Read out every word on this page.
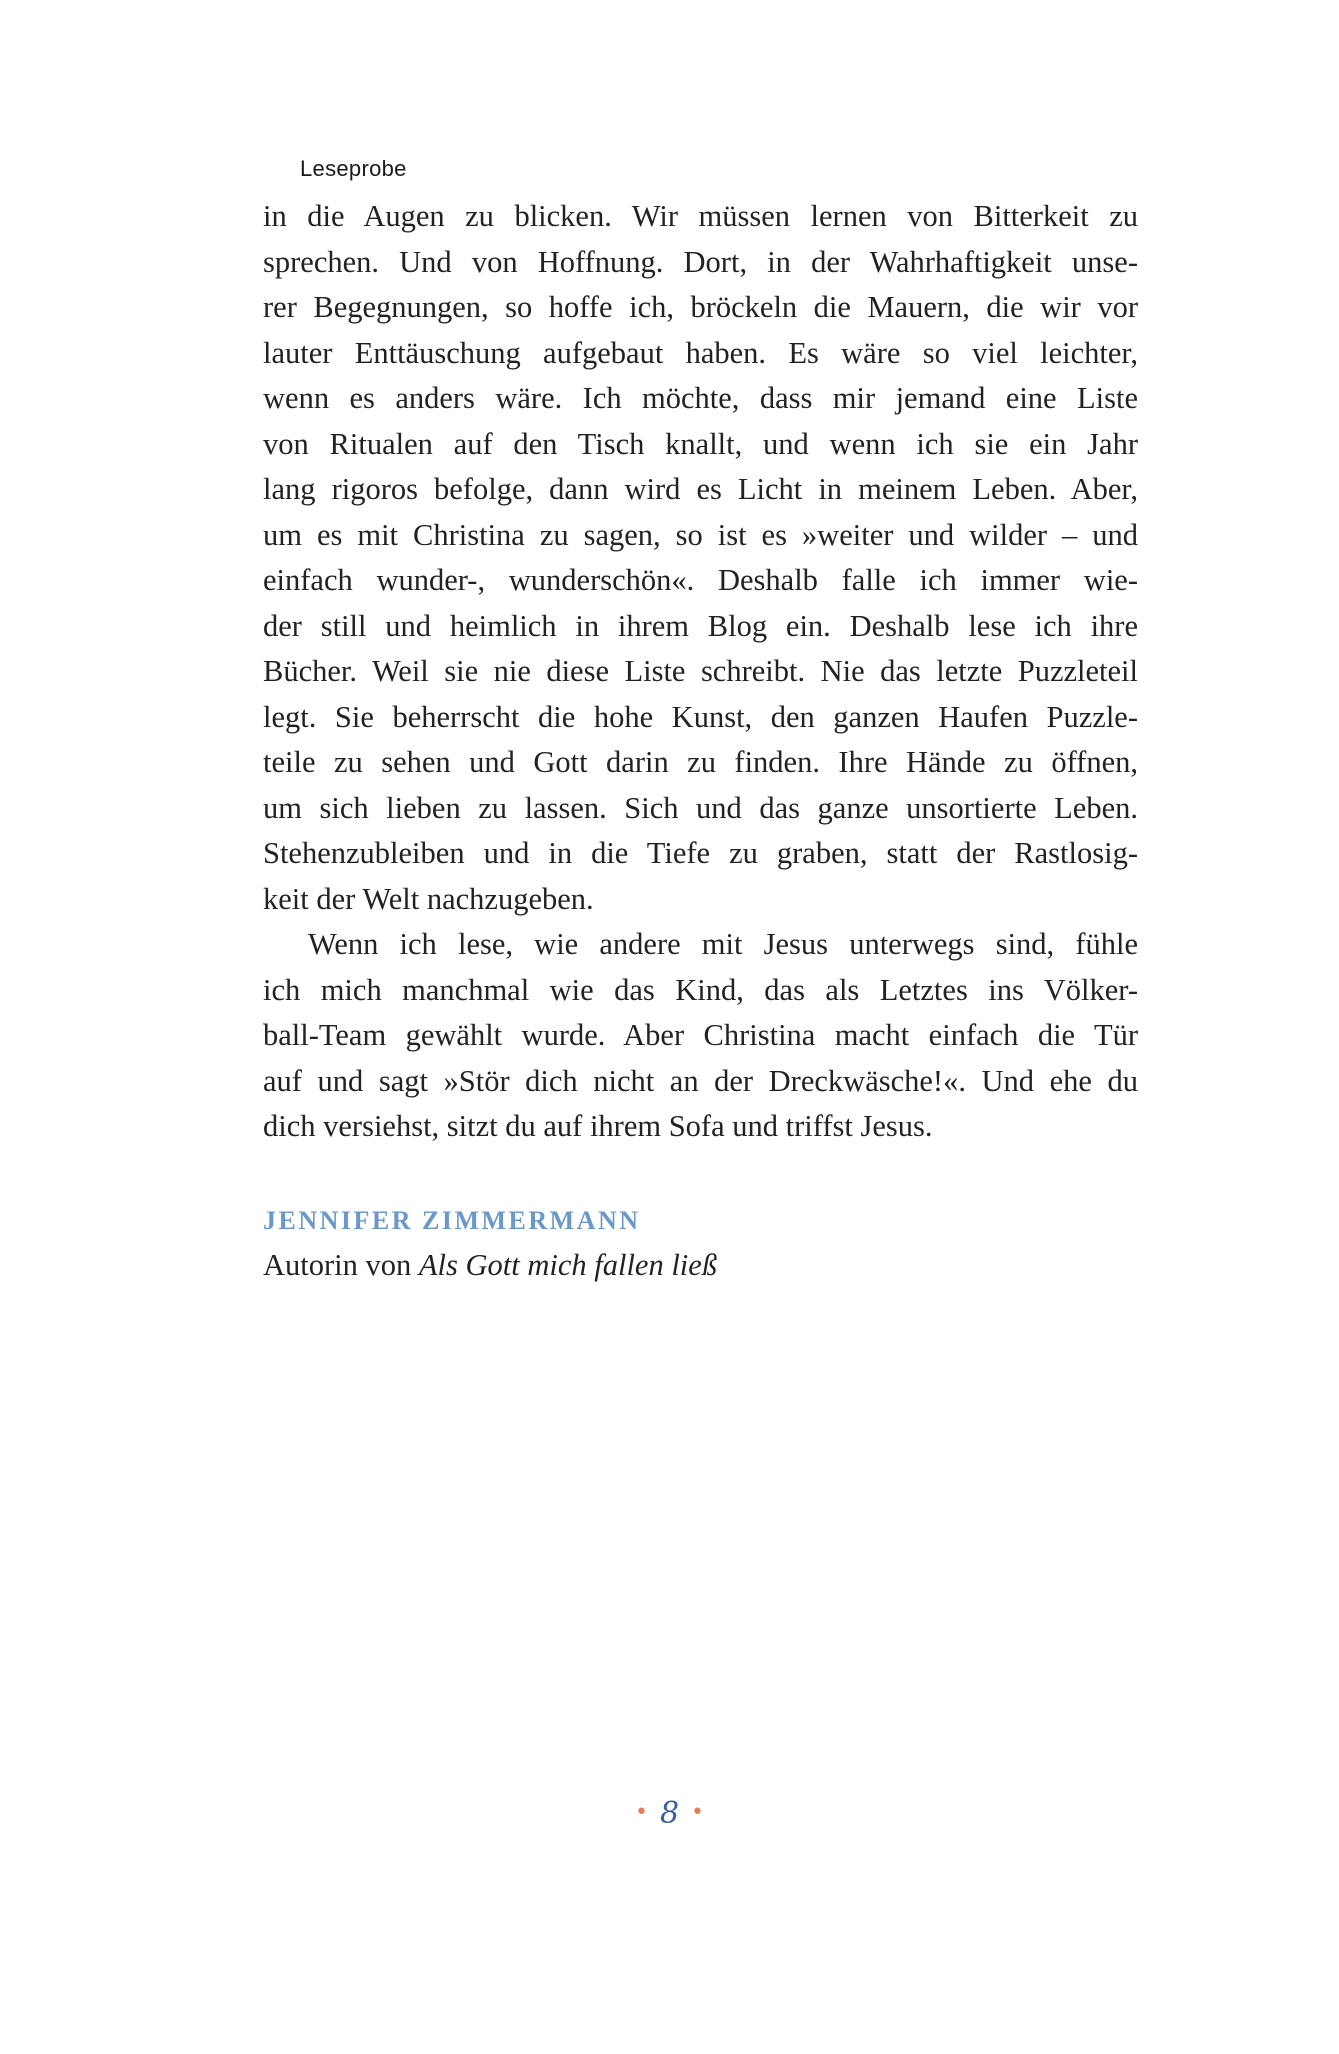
Leseprobe

in die Augen zu blicken. Wir müssen lernen von Bitterkeit zu
sprechen. Und von Hoffnung. Dort, in der Wahrhaftigkeit unse-
rer Begegnungen, so hoffe ich, bröckeln die Mauern, die wir vor
lauter Enttäuschung aufgebaut haben. Es wäre so viel leichter,
wenn es anders wäre. Ich möchte, dass mir jemand eine Liste
von Ritualen auf den Tisch knallt, und wenn ich sie ein Jahr
lang rigoros befolge, dann wird es Licht in meinem Leben. Aber,
um es mit Christina zu sagen, so ist es »weiter und wilder – und
einfach wunder-, wunderschön«. Deshalb falle ich immer wie-
der still und heimlich in ihrem Blog ein. Deshalb lese ich ihre
Bücher. Weil sie nie diese Liste schreibt. Nie das letzte Puzzleteil
legt. Sie beherrscht die hohe Kunst, den ganzen Haufen Puzzle-
teile zu sehen und Gott darin zu finden. Ihre Hände zu öffnen,
um sich lieben zu lassen. Sich und das ganze unsortierte Leben.
Stehenzubleiben und in die Tiefe zu graben, statt der Rastlosig-
keit der Welt nachzugeben.

Wenn ich lese, wie andere mit Jesus unterwegs sind, fühle
ich mich manchmal wie das Kind, das als Letztes ins Völker-
ball-Team gewählt wurde. Aber Christina macht einfach die Tür
auf und sagt »Stör dich nicht an der Dreckwäsche!«. Und ehe du
dich versiehst, sitzt du auf ihrem Sofa und triffst Jesus.

JENNIFER ZIMMERMANN
Autorin von Als Gott mich fallen ließ
• 8 •
